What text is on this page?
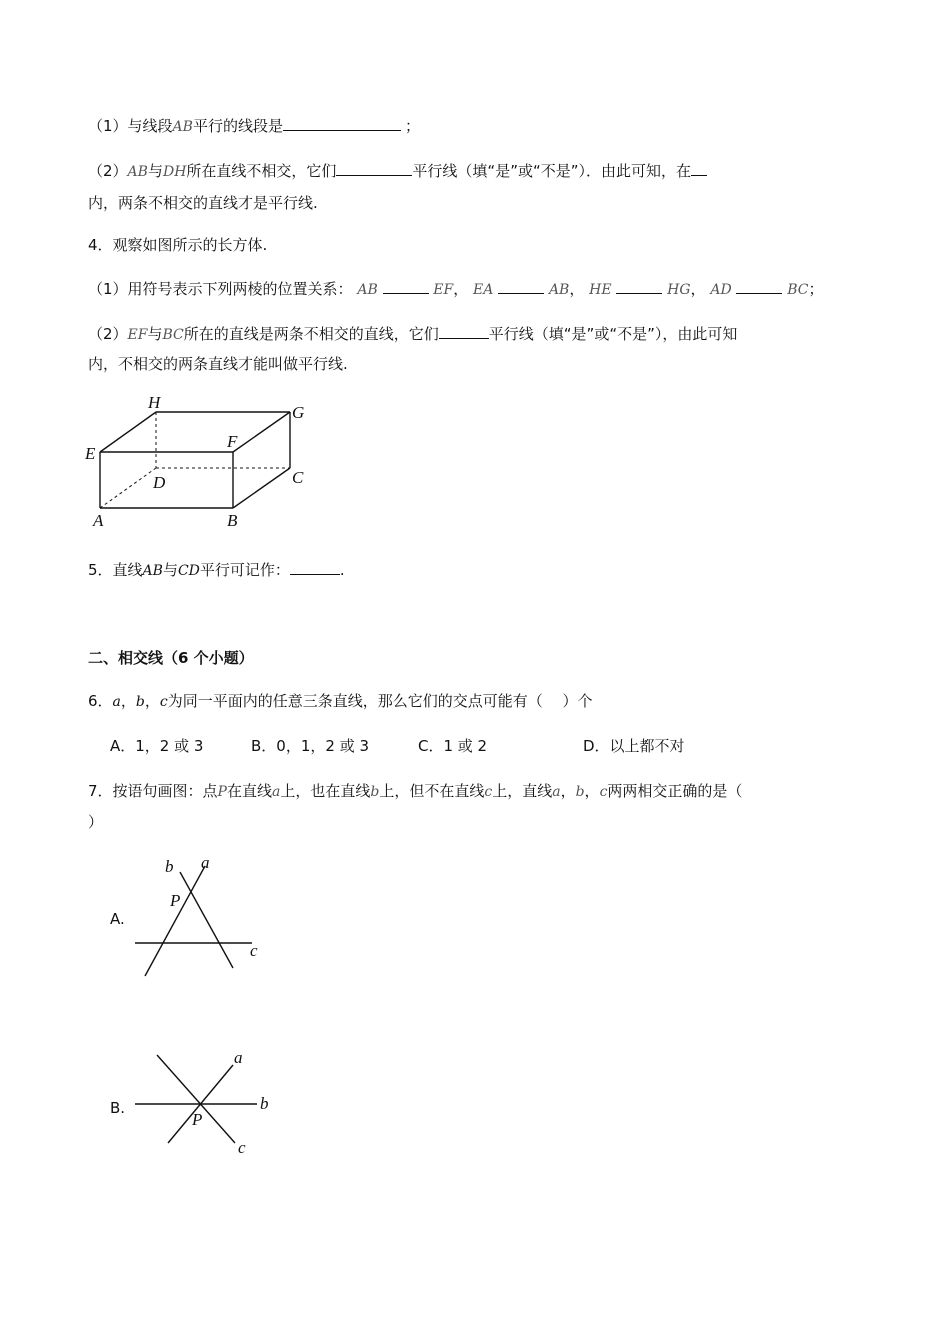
（1）与线段AB平行的线段是	；
（2）AB与DH所在直线不相交，它们	平行线（填“是”或“不是”）．由此可知，在
内，两条不相交的直线才是平行线.
4．观察如图所示的长方体.
（1）用符号表示下列两棱的位置关系： AB	EF， EA	AB， HE	HG， AD	BC；
（2）EF与BC所在的直线是两条不相交的直线，它们	平行线（填“是”或“不是”），由此可知
内，不相交的两条直线才能叫做平行线.
H
G
E
F
D	C
A	B
5．直线AB与CD平行可记作：	.
二、相交线（6 个小题）
6．a，b，c为同一平面内的任意三条直线，那么它们的交点可能有（　 ）个
A．1，2 或 3	B．0，1，2 或 3	C．1 或 2	D．以上都不对
7．按语句画图：点P在直线a上，也在直线b上，但不在直线c上，直线a，b，c两两相交正确的是（
）
A.
b a
P
c
B.
a
b
P
c
